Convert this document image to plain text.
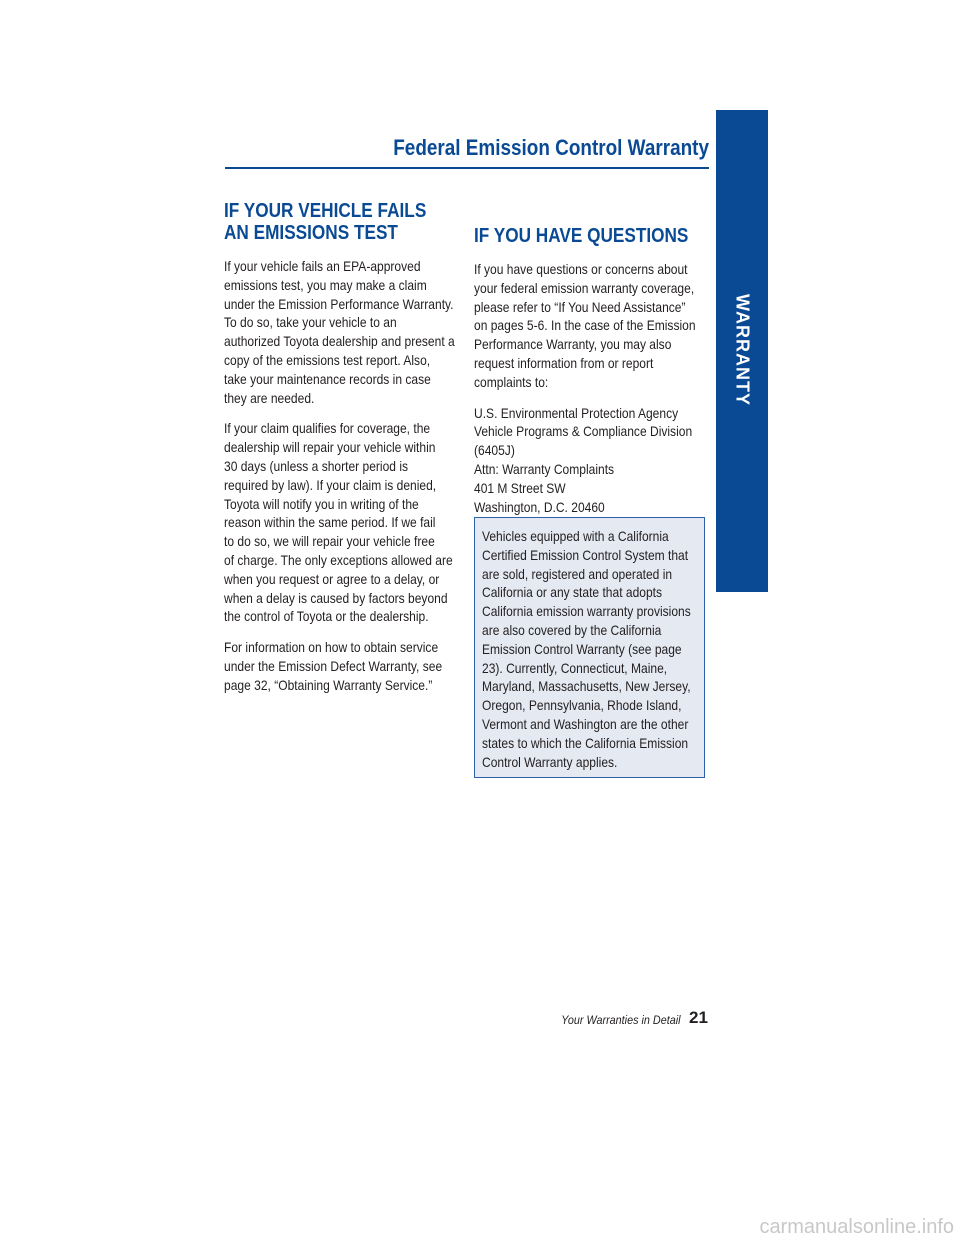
Federal Emission Control Warranty
WARRANTY
IF YOUR VEHICLE FAILS
AN EMISSIONS TEST

If your vehicle fails an EPA-approved
emissions test, you may make a claim
under the Emission Performance Warranty.
To do so, take your vehicle to an
authorized Toyota dealership and present a
copy of the emissions test report. Also,
take your maintenance records in case
they are needed.

If your claim qualifies for coverage, the
dealership will repair your vehicle within
30 days (unless a shorter period is
required by law). If your claim is denied,
Toyota will notify you in writing of the
reason within the same period. If we fail
to do so, we will repair your vehicle free
of charge. The only exceptions allowed are
when you request or agree to a delay, or
when a delay is caused by factors beyond
the control of Toyota or the dealership.

For information on how to obtain service
under the Emission Defect Warranty, see
page 32, “Obtaining Warranty Service.”

IF YOU HAVE QUESTIONS

If you have questions or concerns about
your federal emission warranty coverage,
please refer to “If You Need Assistance”
on pages 5-6. In the case of the Emission
Performance Warranty, you may also
request information from or report
complaints to:

U.S. Environmental Protection Agency
Vehicle Programs & Compliance Division
(6405J)
Attn: Warranty Complaints
401 M Street SW
Washington, D.C. 20460

Vehicles equipped with a California
Certified Emission Control System that
are sold, registered and operated in
California or any state that adopts
California emission warranty provisions
are also covered by the California
Emission Control Warranty (see page
23). Currently, Connecticut, Maine,
Maryland, Massachusetts, New Jersey,
Oregon, Pennsylvania, Rhode Island,
Vermont and Washington are the other
states to which the California Emission
Control Warranty applies.

Your Warranties in Detail 21
carmanualsonline.info
